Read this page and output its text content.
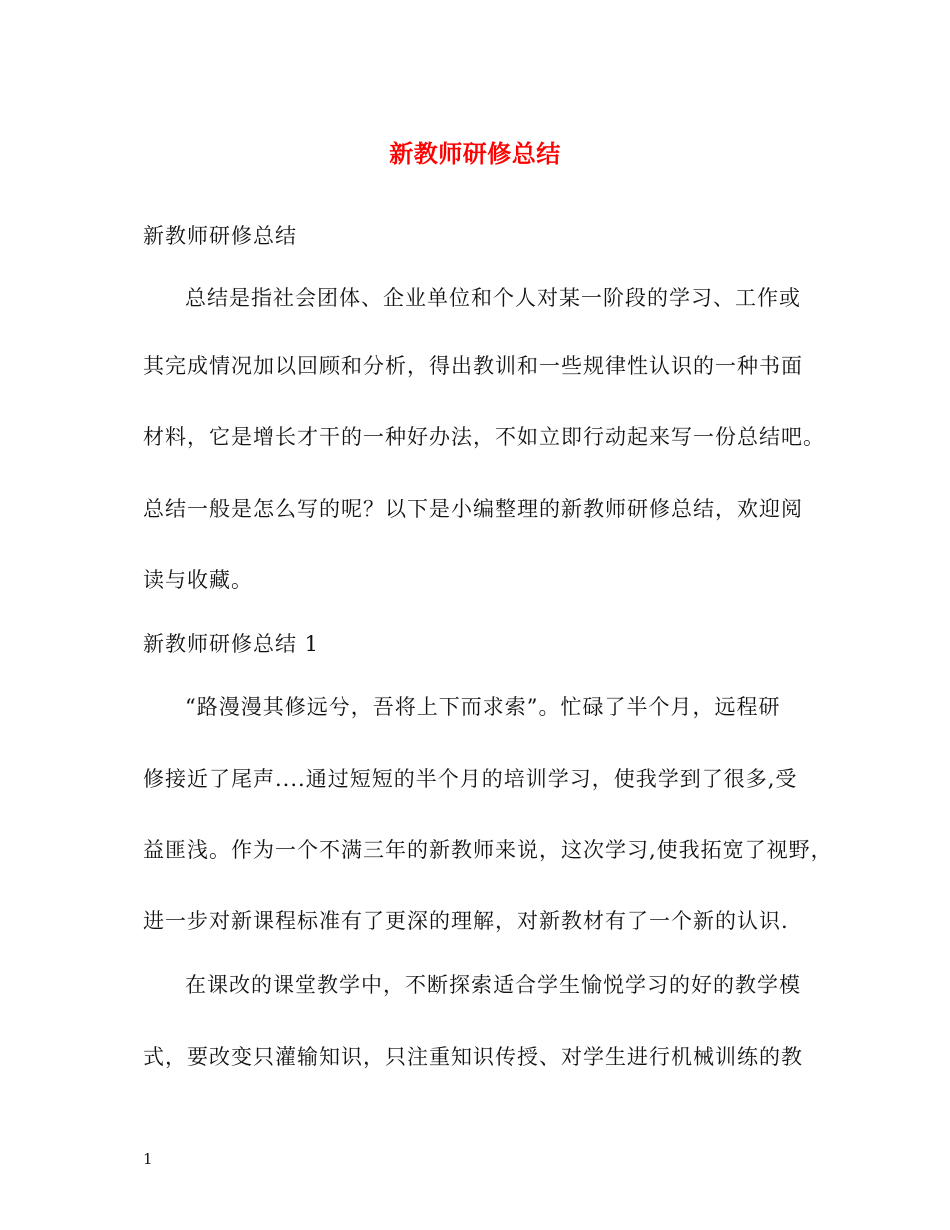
新教师研修总结
新教师研修总结
总结是指社会团体、企业单位和个人对某一阶段的学习、工作或
其完成情况加以回顾和分析，得出教训和一些规律性认识的一种书面
材料，它是增长才干的一种好办法，不如立即行动起来写一份总结吧。
总结一般是怎么写的呢？以下是小编整理的新教师研修总结，欢迎阅
读与收藏。
新教师研修总结 1
“路漫漫其修远兮，吾将上下而求索”。忙碌了半个月，远程研
修接近了尾声....通过短短的半个月的培训学习，使我学到了很多,受
益匪浅。作为一个不满三年的新教师来说，这次学习,使我拓宽了视野，
进一步对新课程标准有了更深的理解，对新教材有了一个新的认识.
在课改的课堂教学中，不断探索适合学生愉悦学习的好的教学模
式，要改变只灌输知识，只注重知识传授、对学生进行机械训练的教
1
